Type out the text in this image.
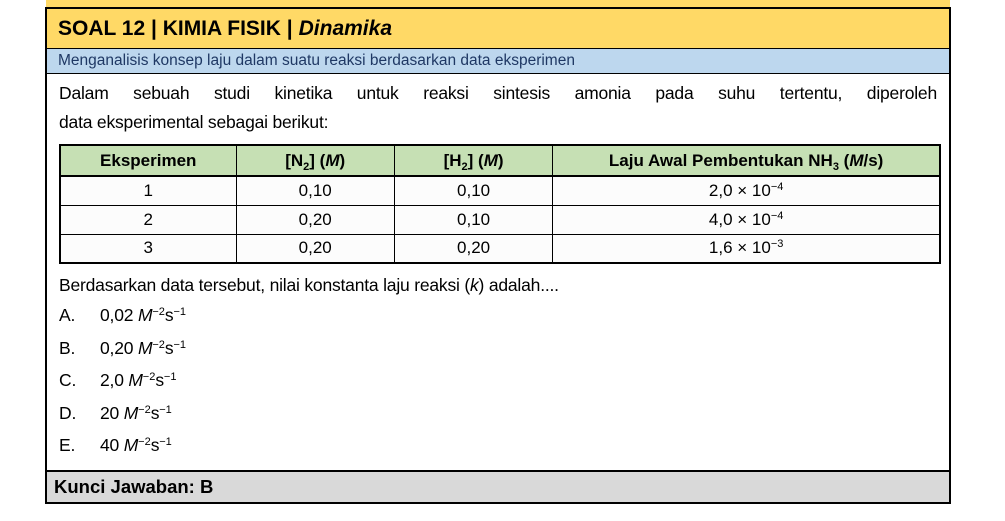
SOAL 12 | KIMIA FISIK | Dinamika
Menganalisis konsep laju dalam suatu reaksi berdasarkan data eksperimen
Dalam sebuah studi kinetika untuk reaksi sintesis amonia pada suhu tertentu, diperoleh
data eksperimental sebagai berikut:
Eksperimen	$[N_2]$ (M)	$[H_2]$ (M)	Laju Awal Pembentukan $NH_3$ (M/s)
1	0,10	0,10	$2,0 \times 10^{-4}$
2	0,20	0,10	$4,0 \times 10^{-4}$
3	0,20	0,20	$1,6 \times 10^{-3}$
Berdasarkan data tersebut, nilai konstanta laju reaksi (k) adalah....
A.	0,02 $M^{-2}s^{-1}$
B.	0,20 $M^{-2}s^{-1}$
C.	2,0 $M^{-2}s^{-1}$
D.	20 $M^{-2}s^{-1}$
E.	40 $M^{-2}s^{-1}$
Kunci Jawaban: B
